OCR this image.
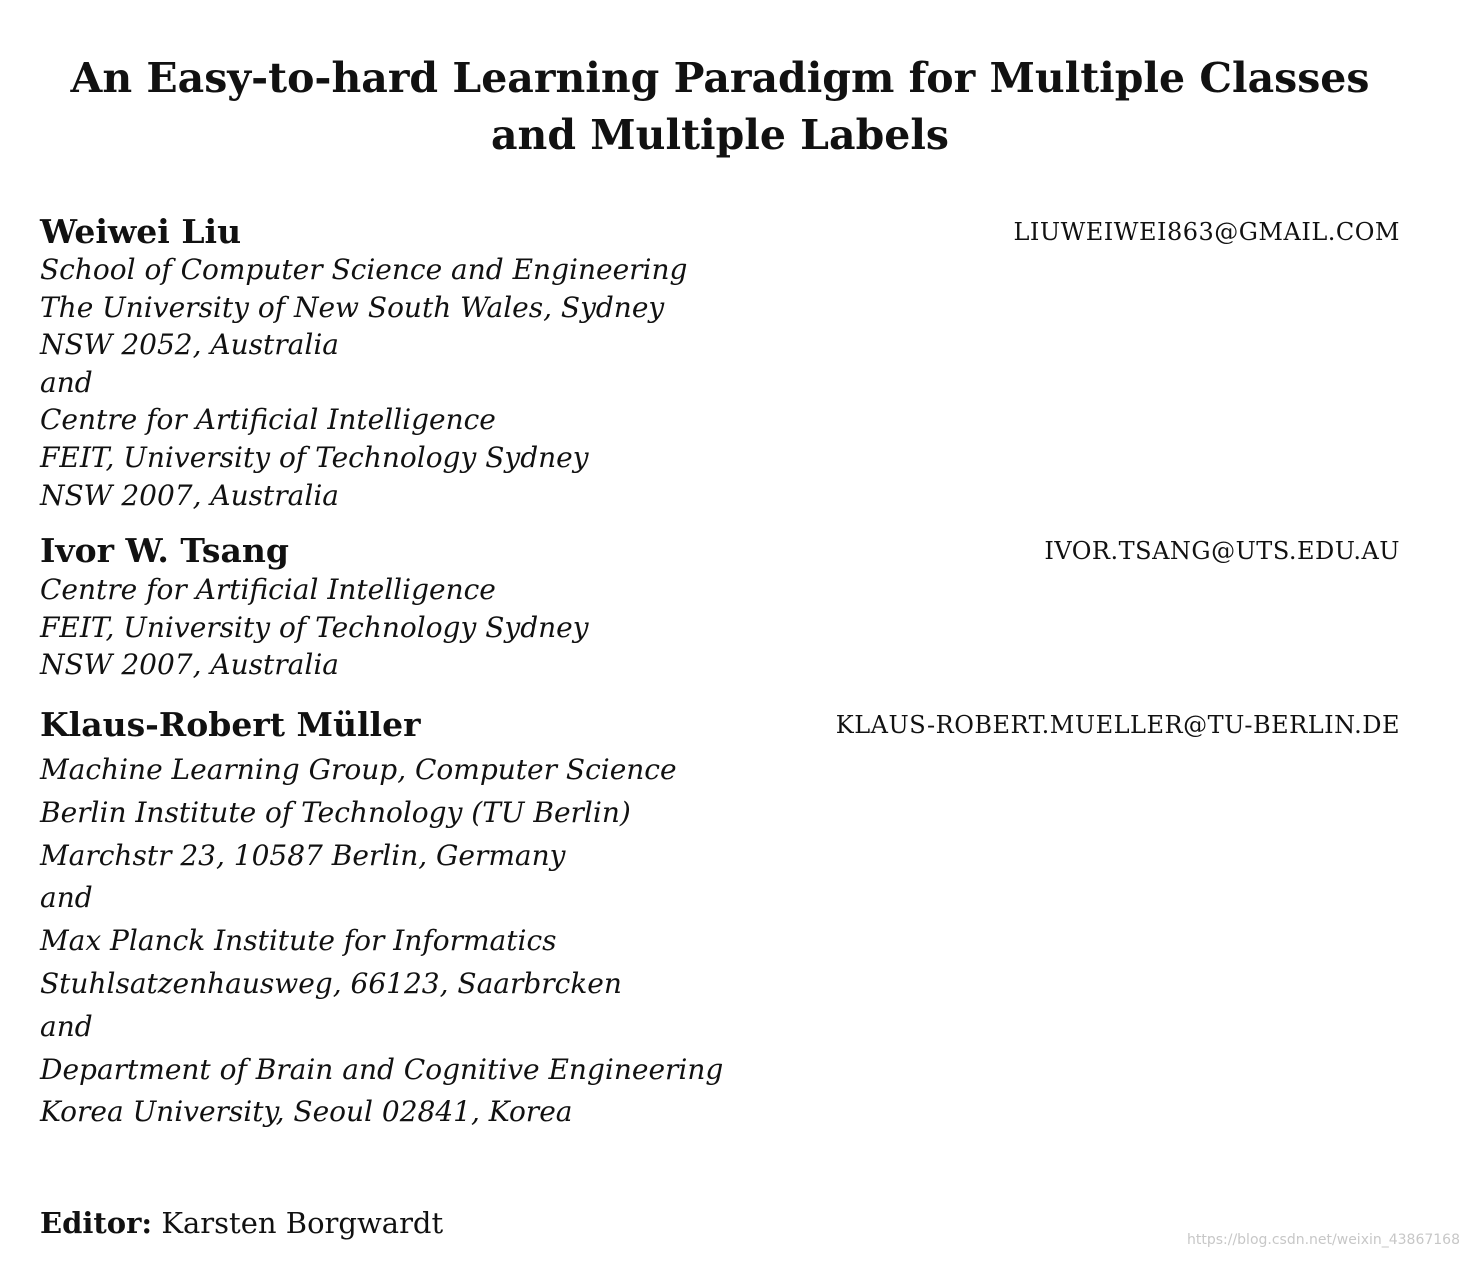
An Easy-to-hard Learning Paradigm for Multiple Classes
and Multiple Labels
Weiwei Liu	LIUWEIWEI863@GMAIL.COM
School of Computer Science and Engineering
The University of New South Wales, Sydney
NSW 2052, Australia
and
Centre for Artificial Intelligence
FEIT, University of Technology Sydney
NSW 2007, Australia
Ivor W. Tsang	IVOR.TSANG@UTS.EDU.AU
Centre for Artificial Intelligence
FEIT, University of Technology Sydney
NSW 2007, Australia
Klaus-Robert Müller	KLAUS-ROBERT.MUELLER@TU-BERLIN.DE
Machine Learning Group, Computer Science
Berlin Institute of Technology (TU Berlin)
Marchstr 23, 10587 Berlin, Germany
and
Max Planck Institute for Informatics
Stuhlsatzenhausweg, 66123, Saarbrcken
and
Department of Brain and Cognitive Engineering
Korea University, Seoul 02841, Korea
Editor: Karsten Borgwardt	https://blog.csdn.net/weixin_43867168
